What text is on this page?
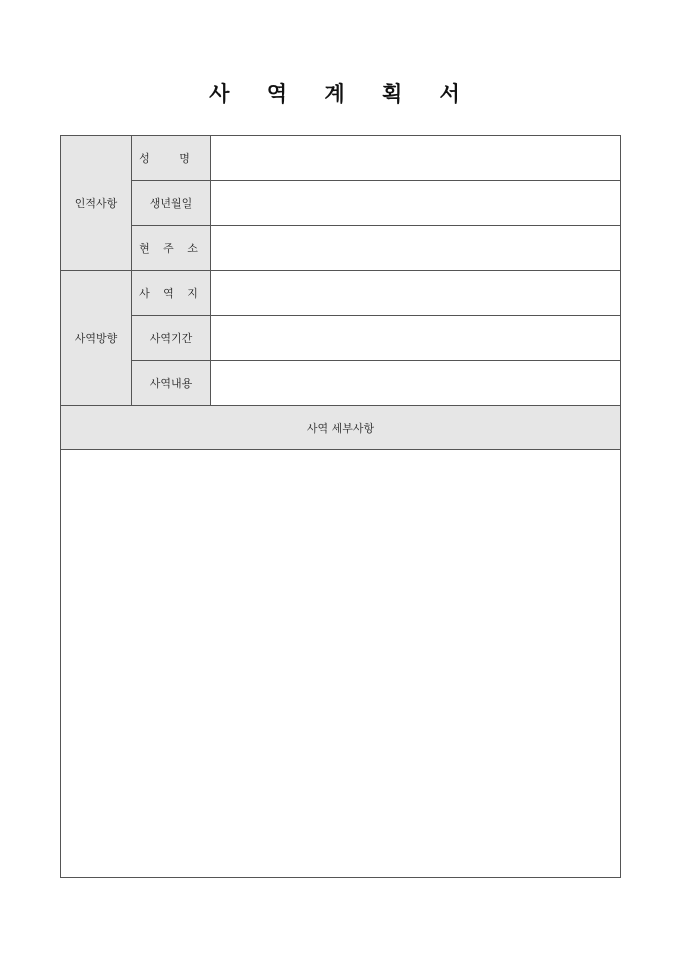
사 역 계 획 서
인적사항	성 명	
	생년월일	
	현 주 소	
사역방향	사 역 지	
	사역기간	
	사역내용	
사역 세부사항		
